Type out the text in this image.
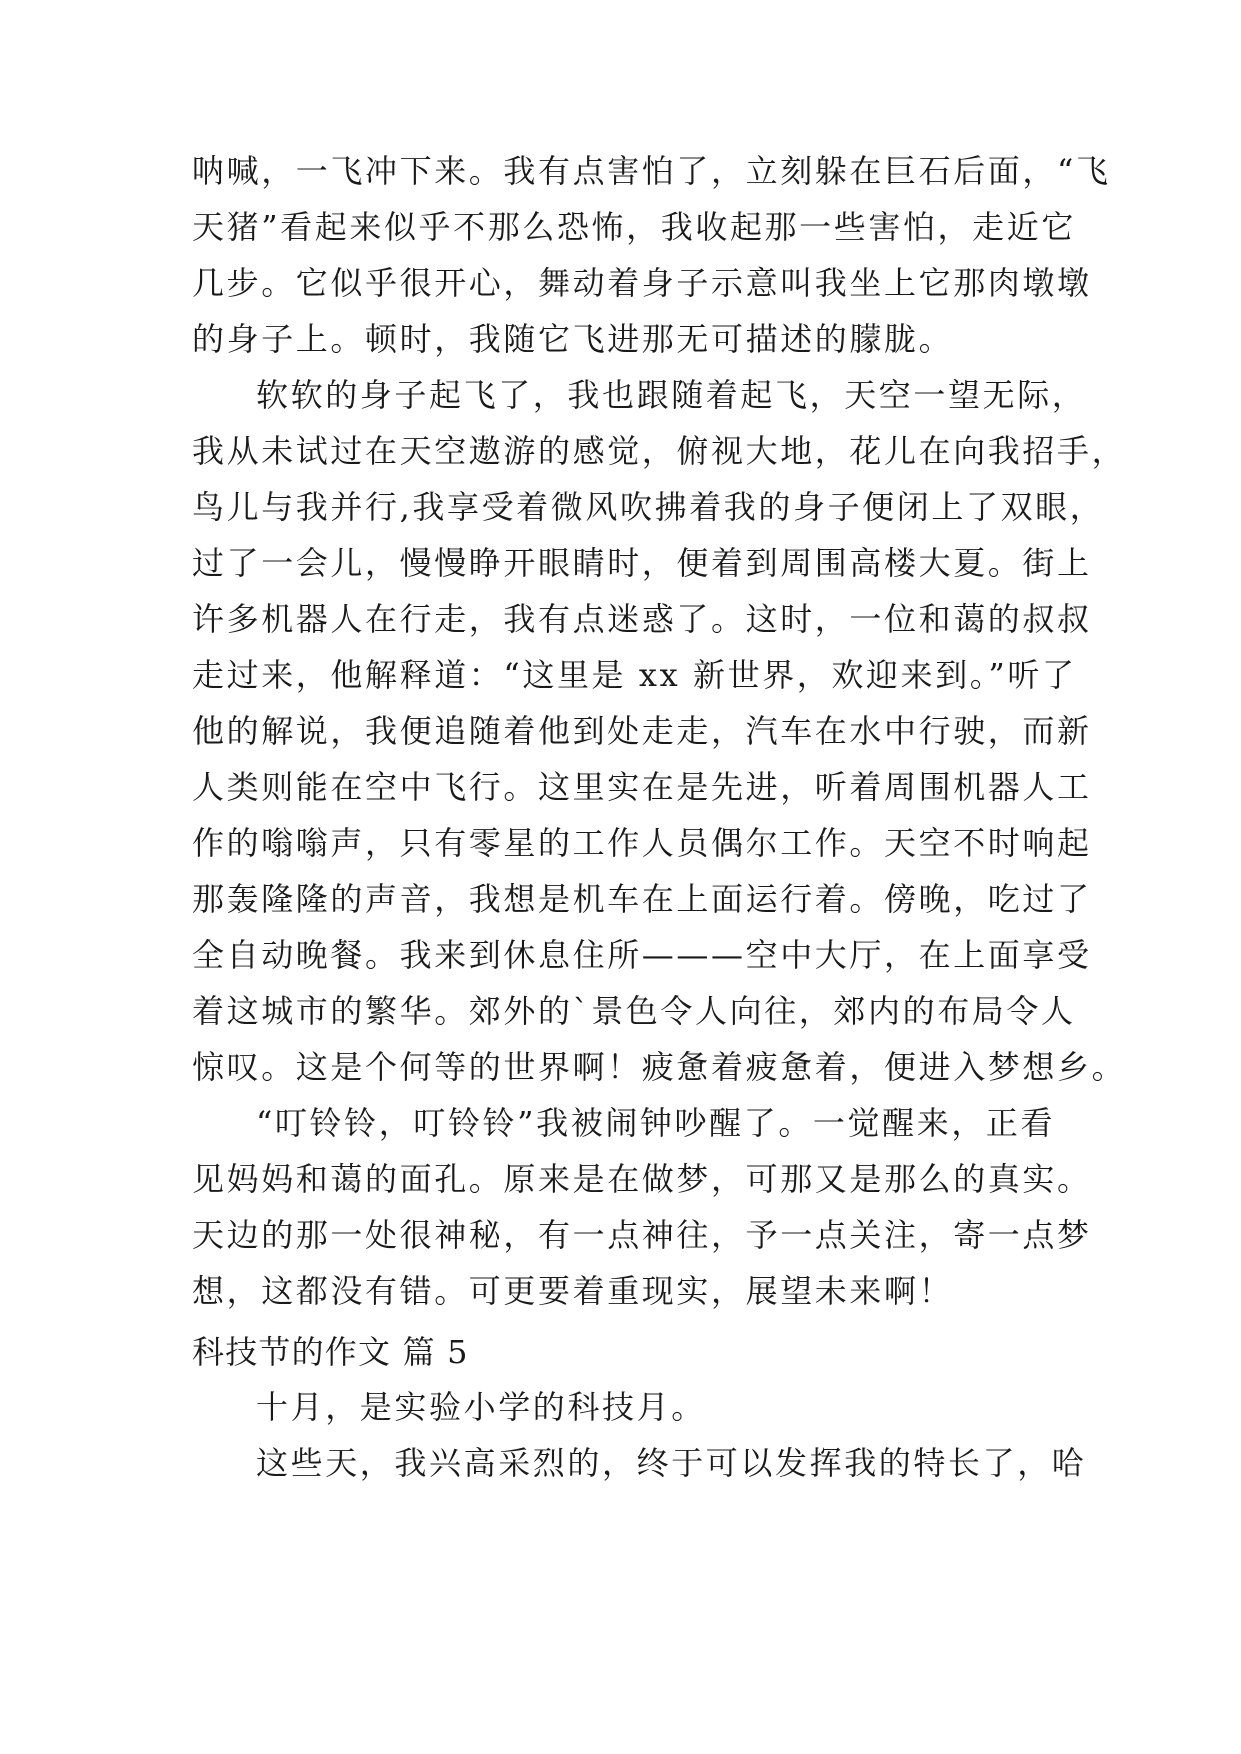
呐喊，一飞冲下来。我有点害怕了，立刻躲在巨石后面，“飞
天猪”看起来似乎不那么恐怖，我收起那一些害怕，走近它
几步。它似乎很开心，舞动着身子示意叫我坐上它那肉墩墩
的身子上。顿时，我随它飞进那无可描述的朦胧。
软软的身子起飞了，我也跟随着起飞，天空一望无际，
我从未试过在天空遨游的感觉，俯视大地，花儿在向我招手，
鸟儿与我并行,我享受着微风吹拂着我的身子便闭上了双眼，
过了一会儿，慢慢睁开眼睛时，便着到周围高楼大夏。街上
许多机器人在行走，我有点迷惑了。这时，一位和蔼的叔叔
走过来，他解释道：“这里是 xx 新世界，欢迎来到。”听了
他的解说，我便追随着他到处走走，汽车在水中行驶，而新
人类则能在空中飞行。这里实在是先进，听着周围机器人工
作的嗡嗡声，只有零星的工作人员偶尔工作。天空不时响起
那轰隆隆的声音，我想是机车在上面运行着。傍晚，吃过了
全自动晚餐。我来到休息住所———空中大厅，在上面享受
着这城市的繁华。郊外的`景色令人向往，郊内的布局令人
惊叹。这是个何等的世界啊！疲惫着疲惫着，便进入梦想乡。
“叮铃铃，叮铃铃”我被闹钟吵醒了。一觉醒来，正看
见妈妈和蔼的面孔。原来是在做梦，可那又是那么的真实。
天边的那一处很神秘，有一点神往，予一点关注，寄一点梦
想，这都没有错。可更要着重现实，展望未来啊！
科技节的作文 篇 5
十月，是实验小学的科技月。
这些天，我兴高采烈的，终于可以发挥我的特长了，哈
